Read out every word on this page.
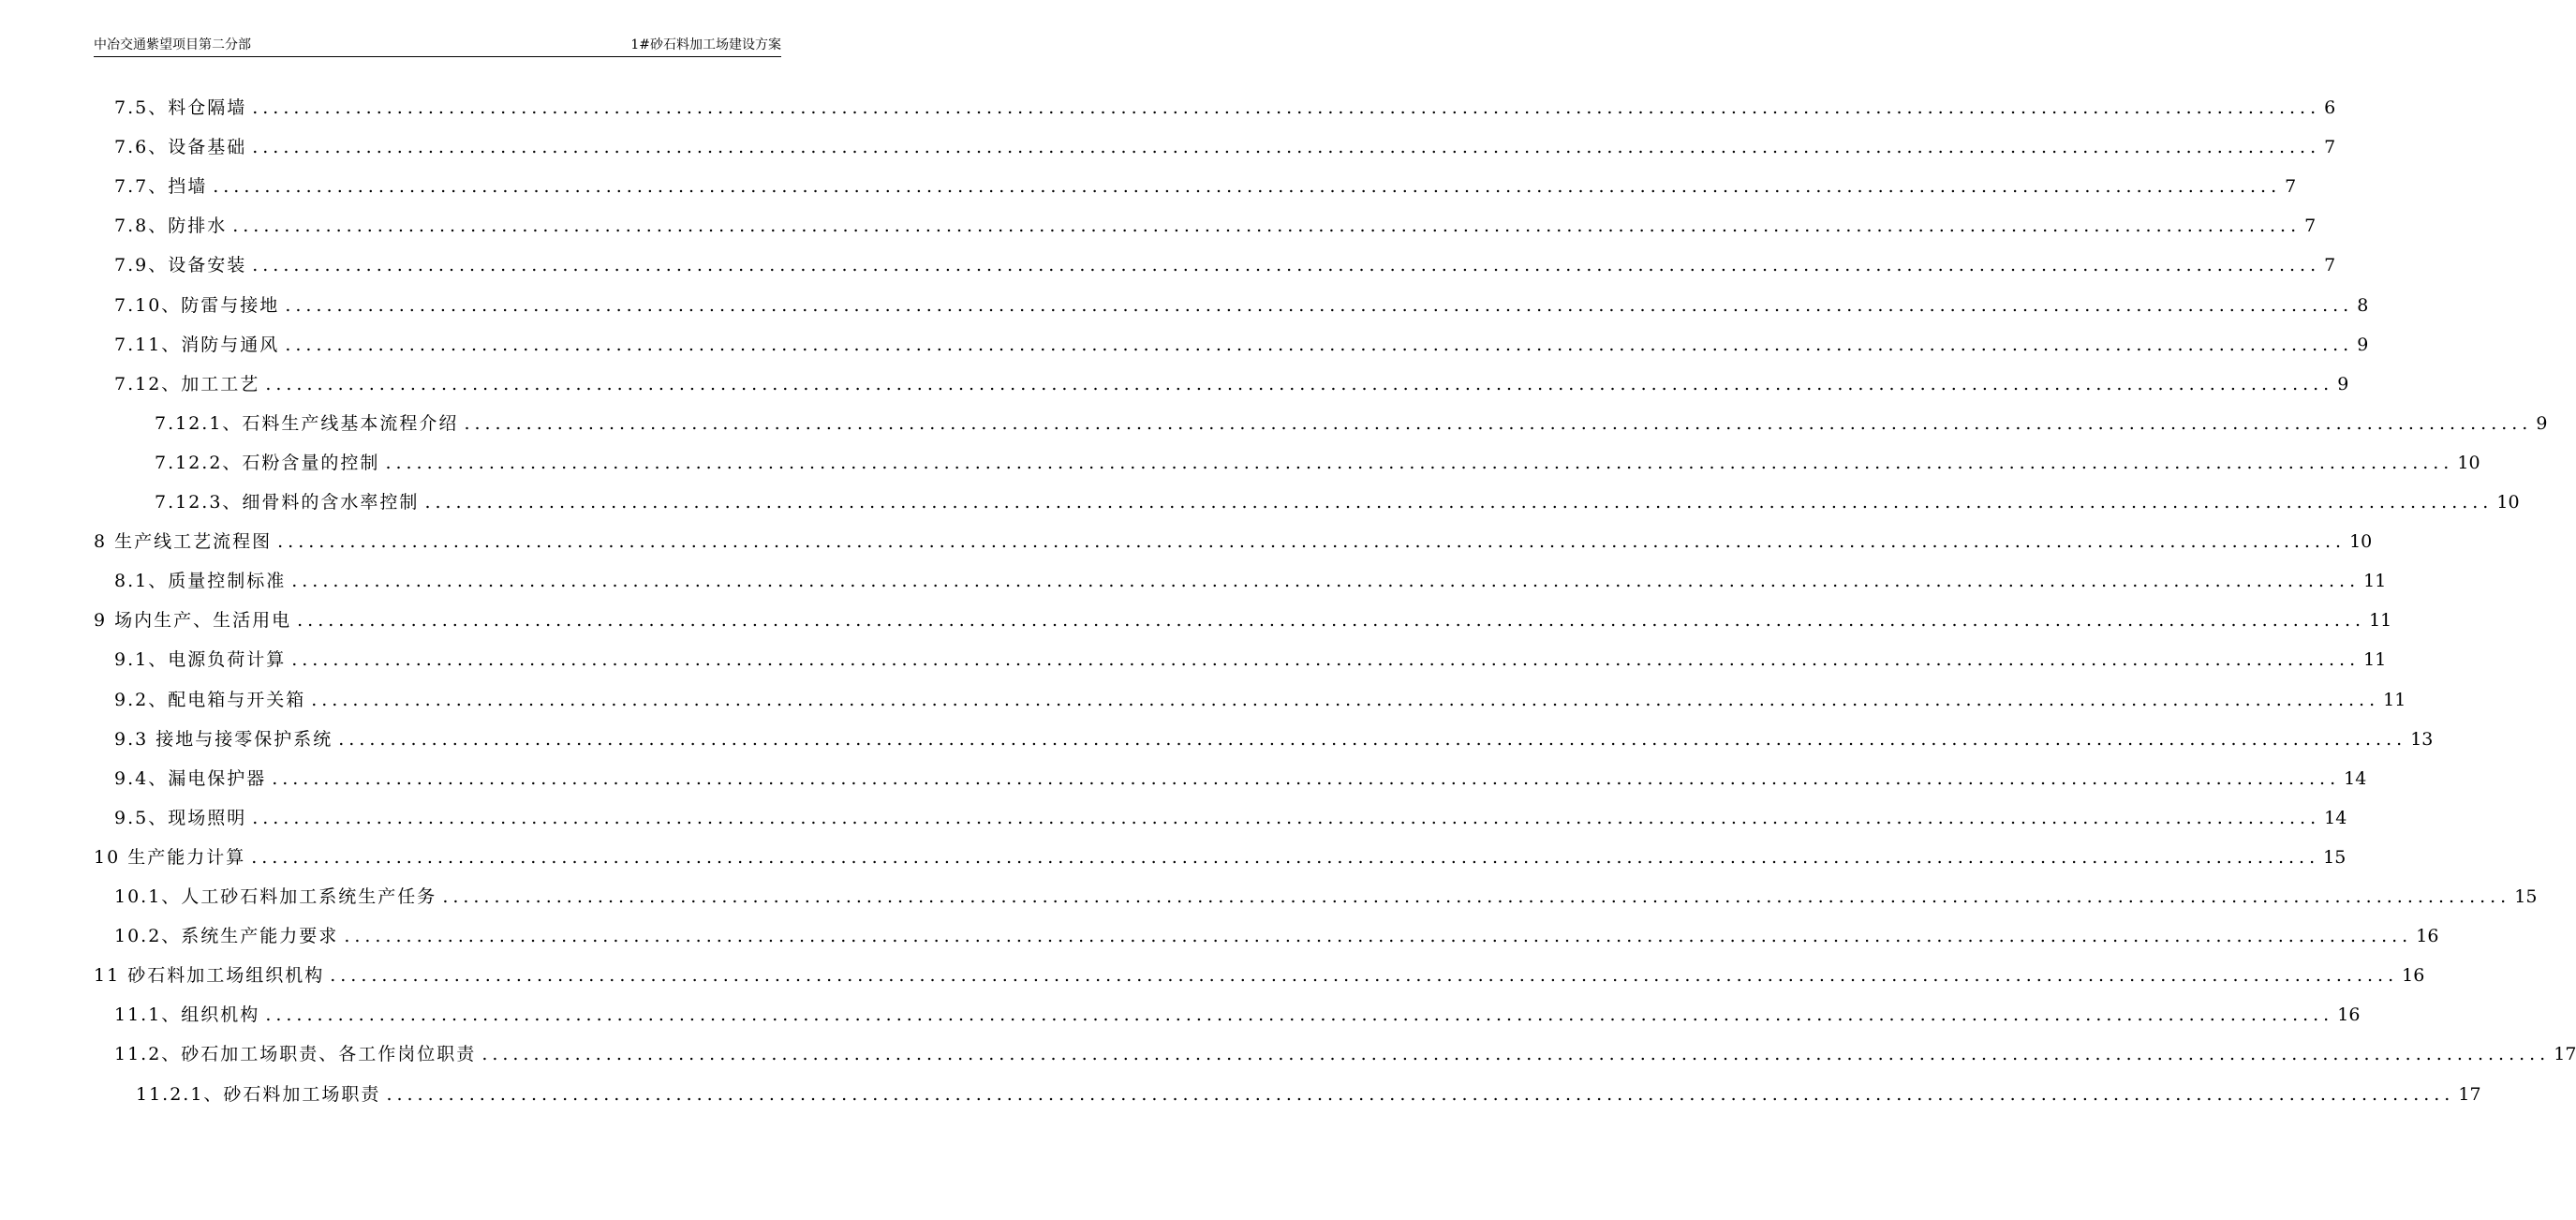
中冶交通紫望项目第二分部	1#砂石料加工场建设方案
7.5、料仓隔墙 ........................................................................................................................................................................................................ 6
7.6、设备基础 ........................................................................................................................................................................................................ 7
7.7、挡墙 ........................................................................................................................................................................................................ 7
7.8、防排水 ........................................................................................................................................................................................................ 7
7.9、设备安装 ........................................................................................................................................................................................................ 7
7.10、防雷与接地 ........................................................................................................................................................................................................ 8
7.11、消防与通风 ........................................................................................................................................................................................................ 9
7.12、加工工艺 ........................................................................................................................................................................................................ 9
7.12.1、石料生产线基本流程介绍 ........................................................................................................................................................................................................ 9
7.12.2、石粉含量的控制 ........................................................................................................................................................................................................ 10
7.12.3、细骨料的含水率控制 ........................................................................................................................................................................................................ 10
8 生产线工艺流程图 ........................................................................................................................................................................................................ 10
8.1、质量控制标准 ........................................................................................................................................................................................................ 11
9 场内生产、生活用电 ........................................................................................................................................................................................................ 11
9.1、电源负荷计算 ........................................................................................................................................................................................................ 11
9.2、配电箱与开关箱 ........................................................................................................................................................................................................ 11
9.3 接地与接零保护系统 ........................................................................................................................................................................................................ 13
9.4、漏电保护器 ........................................................................................................................................................................................................ 14
9.5、现场照明 ........................................................................................................................................................................................................ 14
10 生产能力计算 ........................................................................................................................................................................................................ 15
10.1、人工砂石料加工系统生产任务 ........................................................................................................................................................................................................ 15
10.2、系统生产能力要求 ........................................................................................................................................................................................................ 16
11 砂石料加工场组织机构 ........................................................................................................................................................................................................ 16
11.1、组织机构 ........................................................................................................................................................................................................ 16
11.2、砂石加工场职责、各工作岗位职责 ........................................................................................................................................................................................................ 17
11.2.1、砂石料加工场职责 ........................................................................................................................................................................................................ 17
